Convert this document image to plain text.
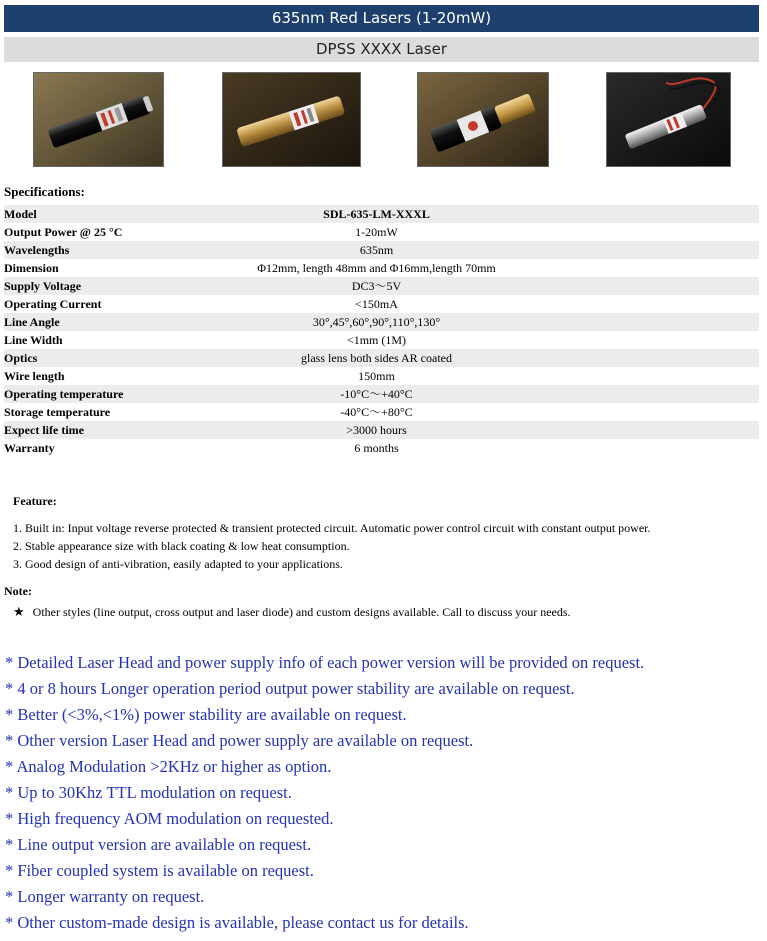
635nm Red Lasers (1-20mW)
DPSS XXXX Laser
Specifications:
Model	SDL-635-LM-XXXL
Output Power @ 25 °C	1-20mW
Wavelengths	635nm
Dimension	Φ12mm, length 48mm and Φ16mm,length 70mm
Supply Voltage	DC3～5V
Operating Current	<150mA
Line Angle	30°,45°,60°,90°,110°,130°
Line Width	<1mm (1M)
Optics	glass lens both sides AR coated
Wire length	150mm
Operating temperature	-10°C～+40°C
Storage temperature	-40°C～+80°C
Expect life time	>3000 hours
Warranty	6 months
Feature:
1. Built in: Input voltage reverse protected & transient protected circuit. Automatic power control circuit with constant output power.
2. Stable appearance size with black coating & low heat consumption.
3. Good design of anti-vibration, easily adapted to your applications.
Note:
★ Other styles (line output, cross output and laser diode) and custom designs available. Call to discuss your needs.
* Detailed Laser Head and power supply info of each power version will be provided on request.
* 4 or 8 hours Longer operation period output power stability are available on request.
* Better (<3%,<1%) power stability are available on request.
* Other version Laser Head and power supply are available on request.
* Analog Modulation >2KHz or higher as option.
* Up to 30Khz TTL modulation on request.
* High frequency AOM modulation on requested.
* Line output version are available on request.
* Fiber coupled system is available on request.
* Longer warranty on request.
* Other custom-made design is available, please contact us for details.
